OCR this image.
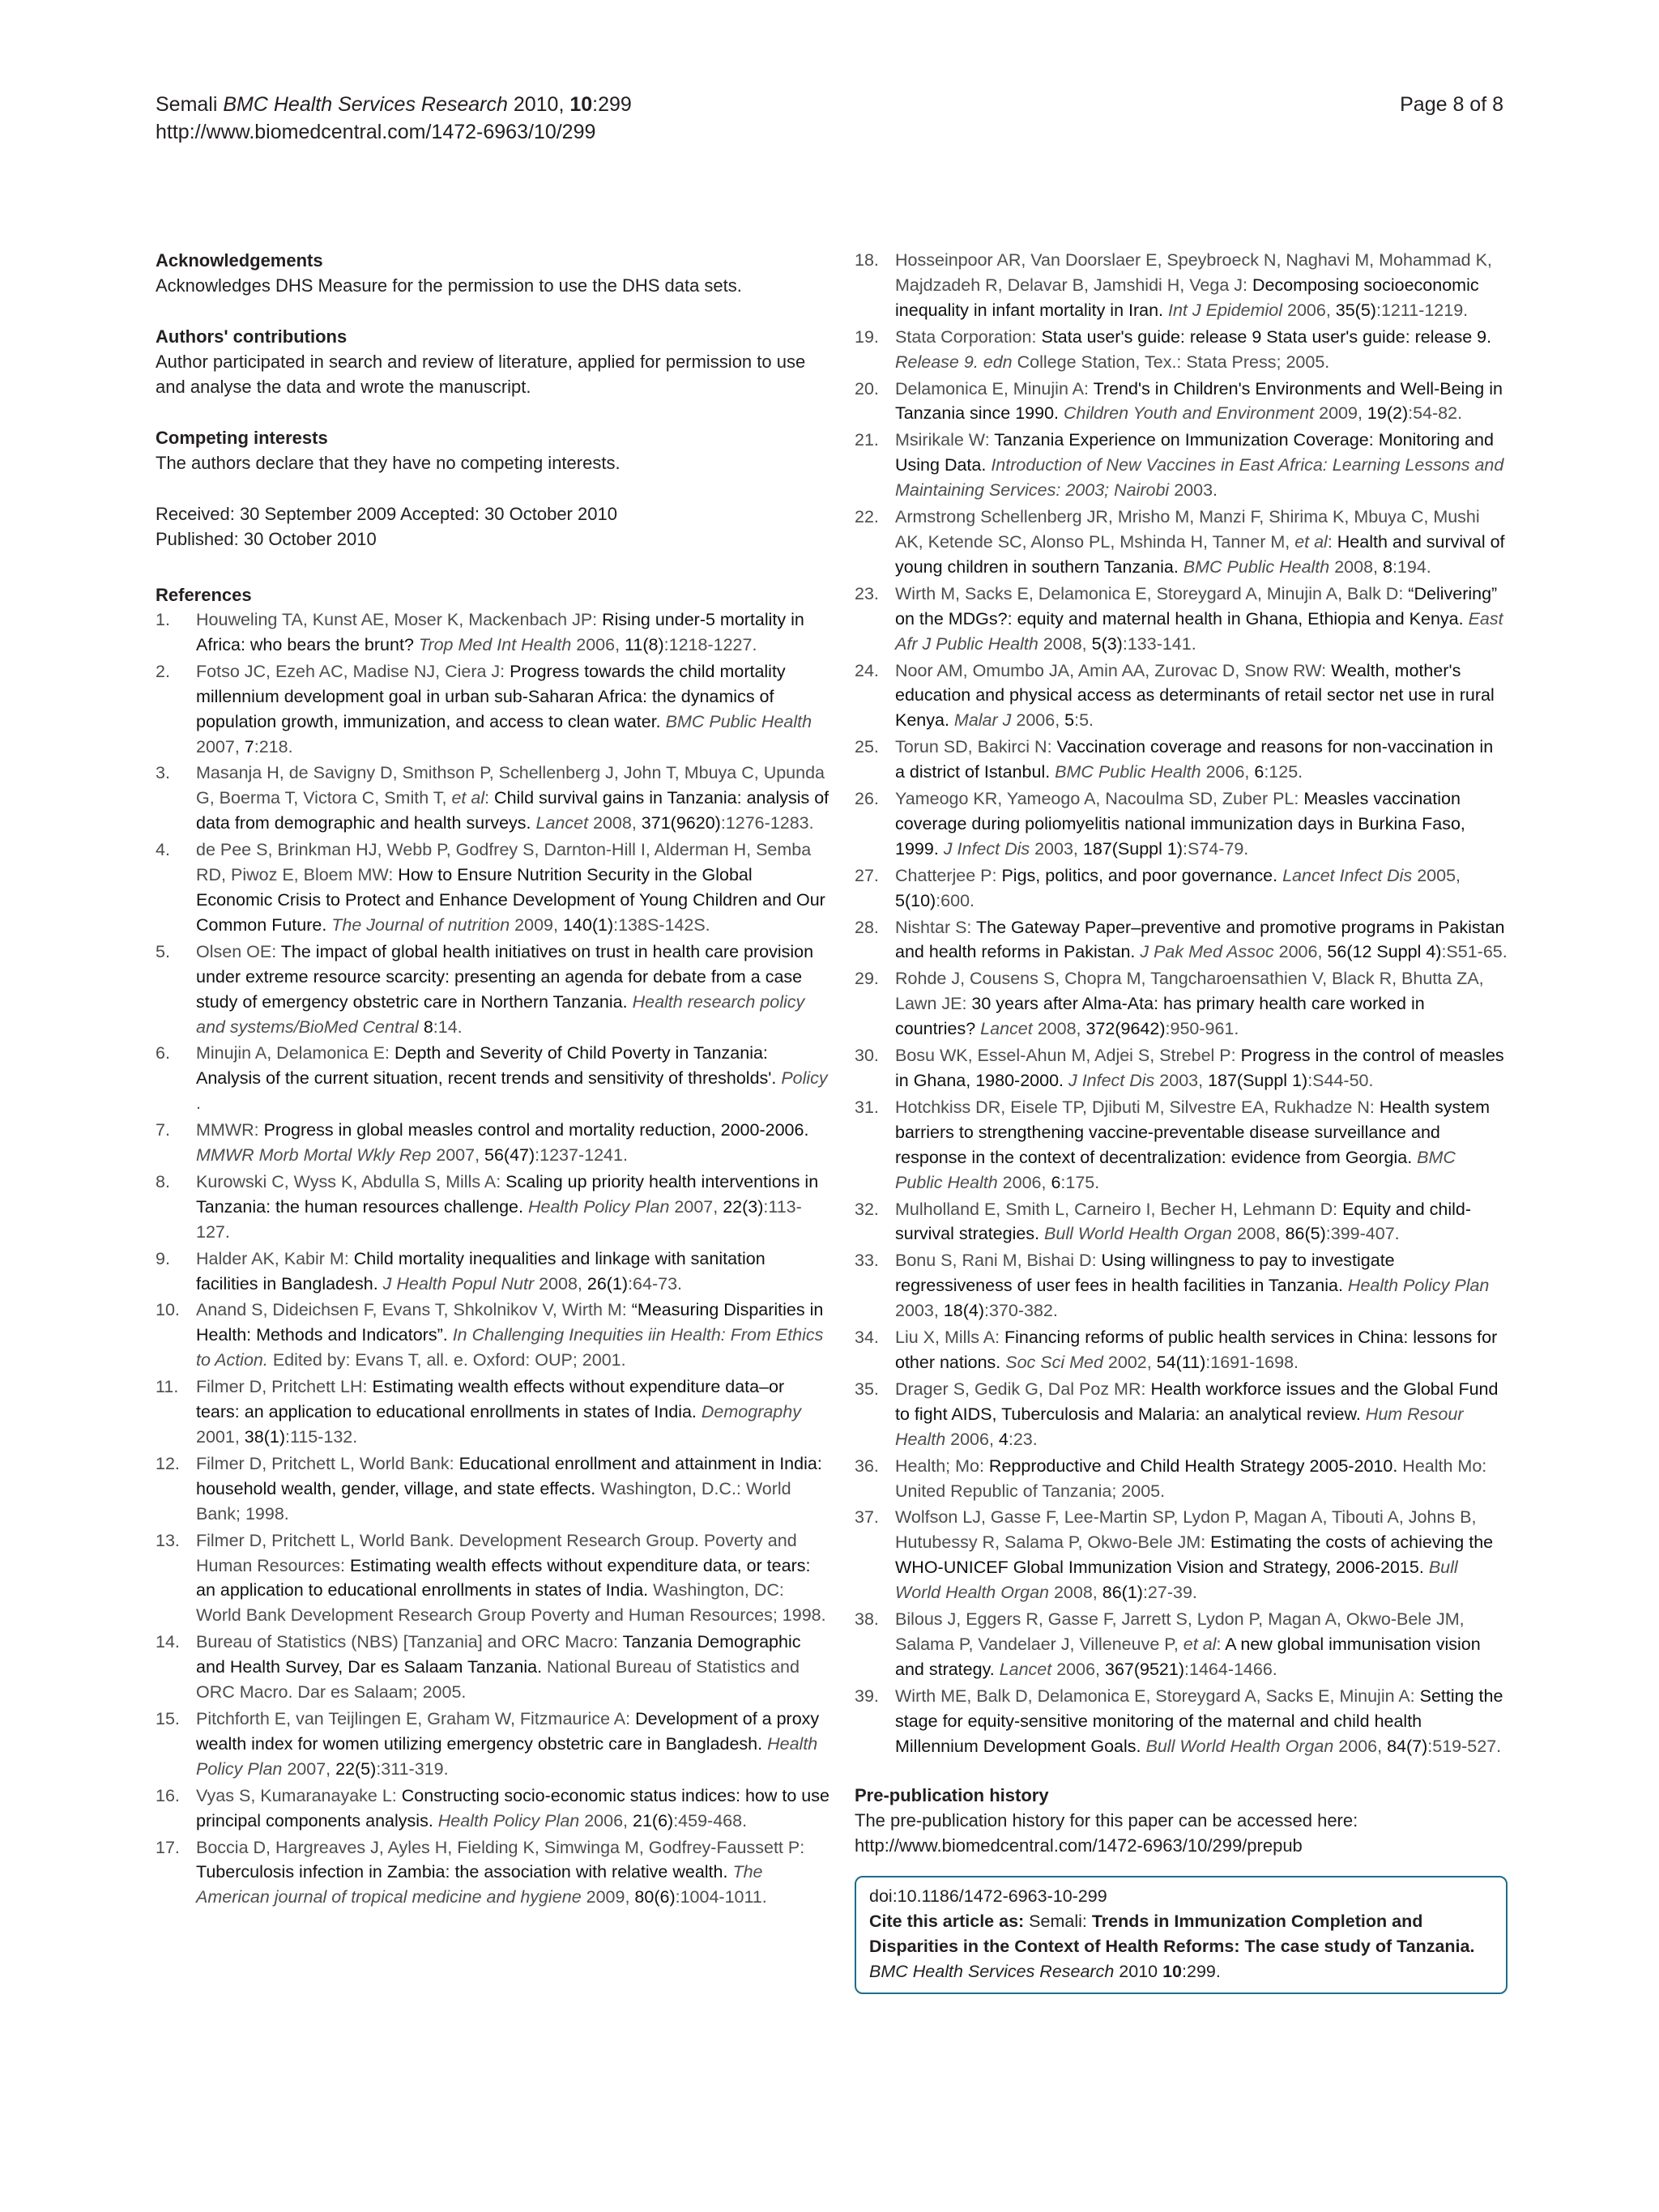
Semali BMC Health Services Research 2010, 10:299
http://www.biomedcentral.com/1472-6963/10/299
Page 8 of 8

Acknowledgements

Acknowledges DHS Measure for the permission to use the DHS data sets.

Authors' contributions

Author participated in search and review of literature, applied for permission to use and analyse the data and wrote the manuscript.

Competing interests

The authors declare that they have no competing interests.

Received: 30 September 2009 Accepted: 30 October 2010

Published: 30 October 2010

References

1. Houweling TA, Kunst AE, Moser K, Mackenbach JP: Rising under-5 mortality in Africa: who bears the brunt? Trop Med Int Health 2006, 11(8):1218-1227.
2. Fotso JC, Ezeh AC, Madise NJ, Ciera J: Progress towards the child mortality millennium development goal in urban sub-Saharan Africa: the dynamics of population growth, immunization, and access to clean water. BMC Public Health 2007, 7:218.
3. Masanja H, de Savigny D, Smithson P, Schellenberg J, John T, Mbuya C, Upunda G, Boerma T, Victora C, Smith T, et al: Child survival gains in Tanzania: analysis of data from demographic and health surveys. Lancet 2008, 371(9620):1276-1283.
4. de Pee S, Brinkman HJ, Webb P, Godfrey S, Darnton-Hill I, Alderman H, Semba RD, Piwoz E, Bloem MW: How to Ensure Nutrition Security in the Global Economic Crisis to Protect and Enhance Development of Young Children and Our Common Future. The Journal of nutrition 2009, 140(1):138S-142S.
5. Olsen OE: The impact of global health initiatives on trust in health care provision under extreme resource scarcity: presenting an agenda for debate from a case study of emergency obstetric care in Northern Tanzania. Health research policy and systems/BioMed Central 8:14.
6. Minujin A, Delamonica E: Depth and Severity of Child Poverty in Tanzania: Analysis of the current situation, recent trends and sensitivity of thresholds'. Policy .
7. MMWR: Progress in global measles control and mortality reduction, 2000-2006. MMWR Morb Mortal Wkly Rep 2007, 56(47):1237-1241.
8. Kurowski C, Wyss K, Abdulla S, Mills A: Scaling up priority health interventions in Tanzania: the human resources challenge. Health Policy Plan 2007, 22(3):113-127.
9. Halder AK, Kabir M: Child mortality inequalities and linkage with sanitation facilities in Bangladesh. J Health Popul Nutr 2008, 26(1):64-73.
10. Anand S, Dideichsen F, Evans T, Shkolnikov V, Wirth M: “Measuring Disparities in Health: Methods and Indicators”. In Challenging Inequities iin Health: From Ethics to Action. Edited by: Evans T, all. e. Oxford: OUP; 2001.
11. Filmer D, Pritchett LH: Estimating wealth effects without expenditure data–or tears: an application to educational enrollments in states of India. Demography 2001, 38(1):115-132.
12. Filmer D, Pritchett L, World Bank: Educational enrollment and attainment in India: household wealth, gender, village, and state effects. Washington, D.C.: World Bank; 1998.
13. Filmer D, Pritchett L, World Bank. Development Research Group. Poverty and Human Resources: Estimating wealth effects without expenditure data, or tears: an application to educational enrollments in states of India. Washington, DC: World Bank Development Research Group Poverty and Human Resources; 1998.
14. Bureau of Statistics (NBS) [Tanzania] and ORC Macro: Tanzania Demographic and Health Survey, Dar es Salaam Tanzania. National Bureau of Statistics and ORC Macro. Dar es Salaam; 2005.
15. Pitchforth E, van Teijlingen E, Graham W, Fitzmaurice A: Development of a proxy wealth index for women utilizing emergency obstetric care in Bangladesh. Health Policy Plan 2007, 22(5):311-319.
16. Vyas S, Kumaranayake L: Constructing socio-economic status indices: how to use principal components analysis. Health Policy Plan 2006, 21(6):459-468.
17. Boccia D, Hargreaves J, Ayles H, Fielding K, Simwinga M, Godfrey-Faussett P: Tuberculosis infection in Zambia: the association with relative wealth. The American journal of tropical medicine and hygiene 2009, 80(6):1004-1011.
18. Hosseinpoor AR, Van Doorslaer E, Speybroeck N, Naghavi M, Mohammad K, Majdzadeh R, Delavar B, Jamshidi H, Vega J: Decomposing socioeconomic inequality in infant mortality in Iran. Int J Epidemiol 2006, 35(5):1211-1219.
19. Stata Corporation: Stata user's guide: release 9 Stata user's guide: release 9. Release 9. edn College Station, Tex.: Stata Press; 2005.
20. Delamonica E, Minujin A: Trend's in Children's Environments and Well-Being in Tanzania since 1990. Children Youth and Environment 2009, 19(2):54-82.
21. Msirikale W: Tanzania Experience on Immunization Coverage: Monitoring and Using Data. Introduction of New Vaccines in East Africa: Learning Lessons and Maintaining Services: 2003; Nairobi 2003.
22. Armstrong Schellenberg JR, Mrisho M, Manzi F, Shirima K, Mbuya C, Mushi AK, Ketende SC, Alonso PL, Mshinda H, Tanner M, et al: Health and survival of young children in southern Tanzania. BMC Public Health 2008, 8:194.
23. Wirth M, Sacks E, Delamonica E, Storeygard A, Minujin A, Balk D: “Delivering” on the MDGs?: equity and maternal health in Ghana, Ethiopia and Kenya. East Afr J Public Health 2008, 5(3):133-141.
24. Noor AM, Omumbo JA, Amin AA, Zurovac D, Snow RW: Wealth, mother's education and physical access as determinants of retail sector net use in rural Kenya. Malar J 2006, 5:5.
25. Torun SD, Bakirci N: Vaccination coverage and reasons for non-vaccination in a district of Istanbul. BMC Public Health 2006, 6:125.
26. Yameogo KR, Yameogo A, Nacoulma SD, Zuber PL: Measles vaccination coverage during poliomyelitis national immunization days in Burkina Faso, 1999. J Infect Dis 2003, 187(Suppl 1):S74-79.
27. Chatterjee P: Pigs, politics, and poor governance. Lancet Infect Dis 2005, 5(10):600.
28. Nishtar S: The Gateway Paper–preventive and promotive programs in Pakistan and health reforms in Pakistan. J Pak Med Assoc 2006, 56(12 Suppl 4):S51-65.
29. Rohde J, Cousens S, Chopra M, Tangcharoensathien V, Black R, Bhutta ZA, Lawn JE: 30 years after Alma-Ata: has primary health care worked in countries? Lancet 2008, 372(9642):950-961.
30. Bosu WK, Essel-Ahun M, Adjei S, Strebel P: Progress in the control of measles in Ghana, 1980-2000. J Infect Dis 2003, 187(Suppl 1):S44-50.
31. Hotchkiss DR, Eisele TP, Djibuti M, Silvestre EA, Rukhadze N: Health system barriers to strengthening vaccine-preventable disease surveillance and response in the context of decentralization: evidence from Georgia. BMC Public Health 2006, 6:175.
32. Mulholland E, Smith L, Carneiro I, Becher H, Lehmann D: Equity and child-survival strategies. Bull World Health Organ 2008, 86(5):399-407.
33. Bonu S, Rani M, Bishai D: Using willingness to pay to investigate regressiveness of user fees in health facilities in Tanzania. Health Policy Plan 2003, 18(4):370-382.
34. Liu X, Mills A: Financing reforms of public health services in China: lessons for other nations. Soc Sci Med 2002, 54(11):1691-1698.
35. Drager S, Gedik G, Dal Poz MR: Health workforce issues and the Global Fund to fight AIDS, Tuberculosis and Malaria: an analytical review. Hum Resour Health 2006, 4:23.
36. Health; Mo: Repproductive and Child Health Strategy 2005-2010. Health Mo: United Republic of Tanzania; 2005.
37. Wolfson LJ, Gasse F, Lee-Martin SP, Lydon P, Magan A, Tibouti A, Johns B, Hutubessy R, Salama P, Okwo-Bele JM: Estimating the costs of achieving the WHO-UNICEF Global Immunization Vision and Strategy, 2006-2015. Bull World Health Organ 2008, 86(1):27-39.
38. Bilous J, Eggers R, Gasse F, Jarrett S, Lydon P, Magan A, Okwo-Bele JM, Salama P, Vandelaer J, Villeneuve P, et al: A new global immunisation vision and strategy. Lancet 2006, 367(9521):1464-1466.
39. Wirth ME, Balk D, Delamonica E, Storeygard A, Sacks E, Minujin A: Setting the stage for equity-sensitive monitoring of the maternal and child health Millennium Development Goals. Bull World Health Organ 2006, 84(7):519-527.

Pre-publication history

The pre-publication history for this paper can be accessed here:

http://www.biomedcentral.com/1472-6963/10/299/prepub

doi:10.1186/1472-6963-10-299
Cite this article as: Semali: Trends in Immunization Completion and Disparities in the Context of Health Reforms: The case study of Tanzania. BMC Health Services Research 2010 10:299.
